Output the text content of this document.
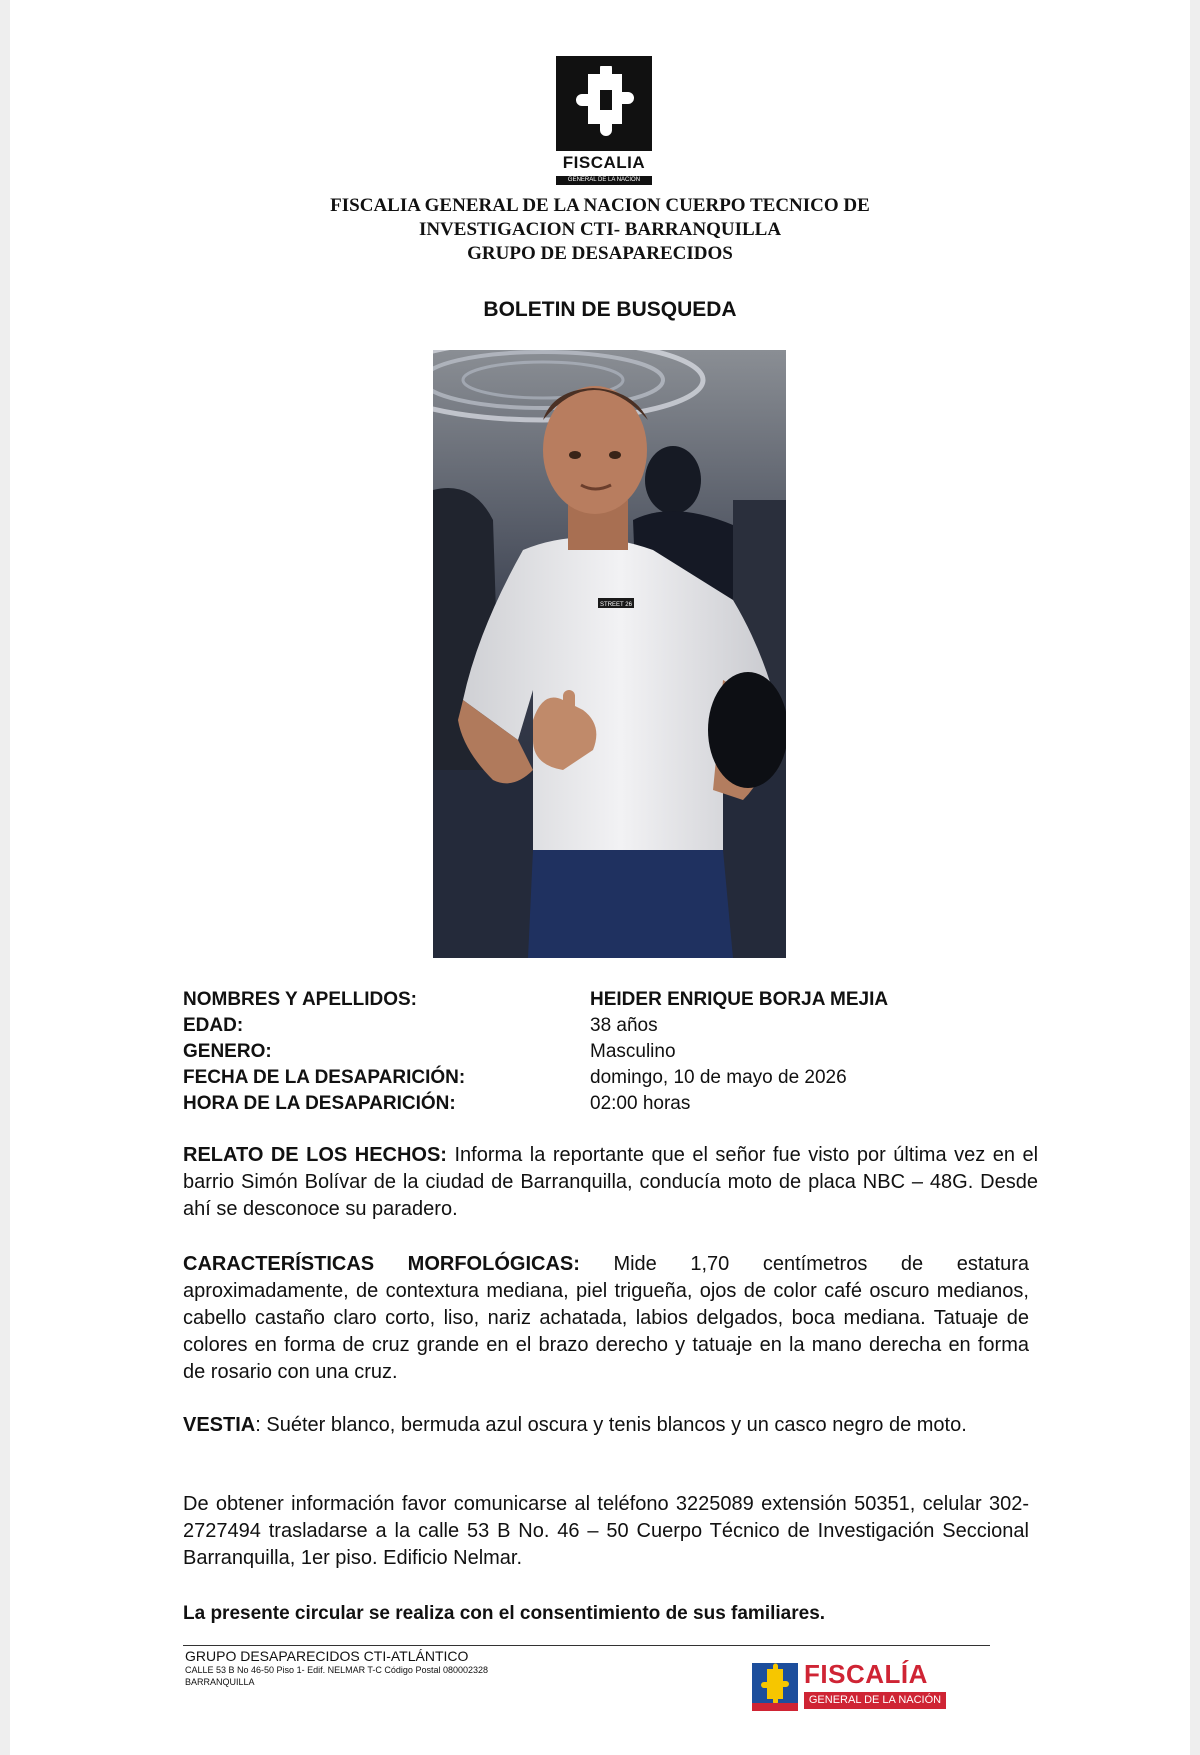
FISCALIA
GENERAL DE LA NACION
FISCALIA GENERAL DE LA NACION CUERPO TECNICO DE
INVESTIGACION CTI- BARRANQUILLA
GRUPO DE DESAPARECIDOS
BOLETIN DE BUSQUEDA
STREET 26
NOMBRES Y APELLIDOS:	HEIDER ENRIQUE BORJA MEJIA
EDAD:	38 años
GENERO:	Masculino
FECHA DE LA DESAPARICIÓN:	domingo, 10 de mayo de 2026
HORA DE LA DESAPARICIÓN:	02:00 horas
RELATO DE LOS HECHOS: Informa la reportante que el señor fue visto por última vez en el barrio Simón Bolívar de la ciudad de Barranquilla, conducía moto de placa NBC – 48G. Desde ahí se desconoce su paradero.
CARACTERÍSTICAS MORFOLÓGICAS: Mide 1,70 centímetros de estatura aproximadamente, de contextura mediana, piel trigueña, ojos de color café oscuro medianos, cabello castaño claro corto, liso, nariz achatada, labios delgados, boca mediana. Tatuaje de colores en forma de cruz grande en el brazo derecho y tatuaje en la mano derecha en forma de rosario con una cruz.
VESTIA: Suéter blanco, bermuda azul oscura y tenis blancos y un casco negro de moto.
De obtener información favor comunicarse al teléfono 3225089 extensión 50351, celular 302-2727494 trasladarse a la calle 53 B No. 46 – 50 Cuerpo Técnico de Investigación Seccional Barranquilla, 1er piso. Edificio Nelmar.
La presente circular se realiza con el consentimiento de sus familiares.
GRUPO DESAPARECIDOS CTI-ATLÁNTICO
CALLE 53 B No 46-50 Piso 1- Edif. NELMAR T-C Código Postal 080002328
BARRANQUILLA	FISCALÍA
GENERAL DE LA NACIÓN
